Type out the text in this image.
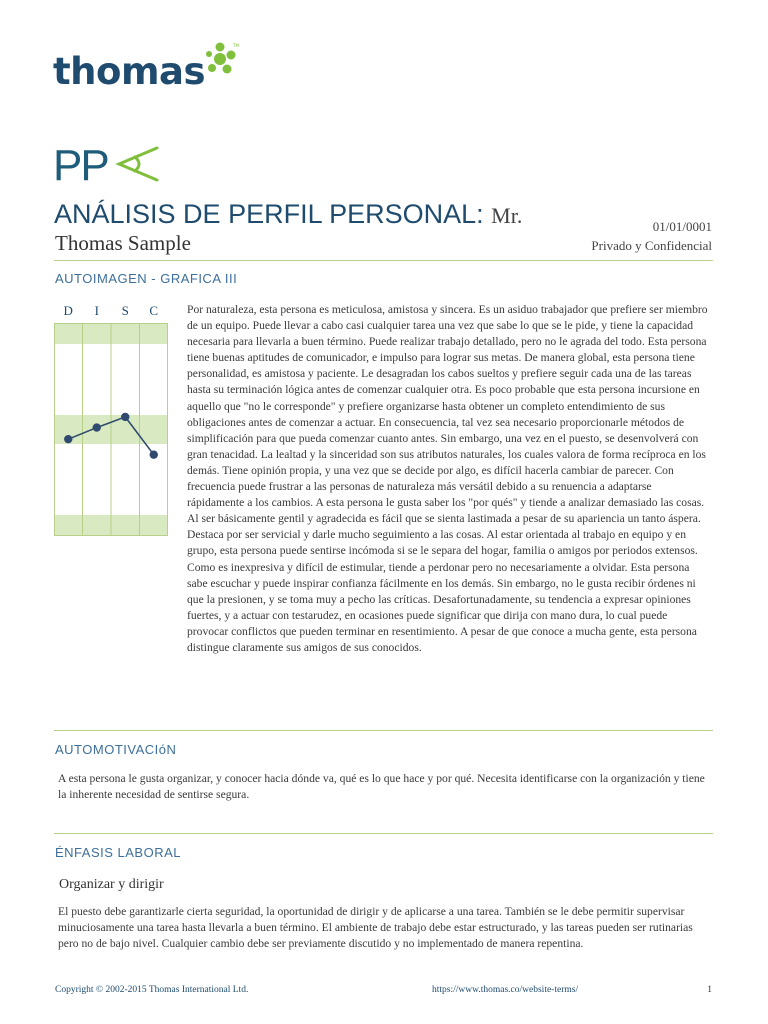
thomas
TM
PP	PPA
ANÁLISIS DE PERFIL PERSONAL: Mr.
Thomas Sample
01/01/0001
Privado y Confidencial
AUTOIMAGEN - GRAFICA III
D I S C Por naturaleza, esta persona es meticulosa, amistosa y sincera. Es un asiduo trabajador que prefiere ser miembro de un equipo. Puede llevar a cabo casi cualquier tarea una vez que sabe lo que se le pide, y tiene la capacidad necesaria para llevarla a buen término. Puede realizar trabajo detallado, pero no le agrada del todo. Esta persona tiene buenas aptitudes de comunicador, e impulso para lograr sus metas. De manera global, esta persona tiene personalidad, es amistosa y paciente. Le desagradan los cabos sueltos y prefiere seguir cada una de las tareas hasta su terminación lógica antes de comenzar cualquier otra. Es poco probable que esta persona incursione en aquello que "no le corresponde" y prefiere organizarse hasta obtener un completo entendimiento de sus obligaciones antes de comenzar a actuar. En consecuencia, tal vez sea necesario proporcionarle métodos de simplificación para que pueda comenzar cuanto antes. Sin embargo, una vez en el puesto, se desenvolverá con gran tenacidad. La lealtad y la sinceridad son sus atributos naturales, los cuales valora de forma recíproca en los demás. Tiene opinión propia, y una vez que se decide por algo, es difícil hacerla cambiar de parecer. Con frecuencia puede frustrar a las personas de naturaleza más versátil debido a su renuencia a adaptarse rápidamente a los cambios. A esta persona le gusta saber los "por qués" y tiende a analizar demasiado las cosas. Al ser básicamente gentil y agradecida es fácil que se sienta lastimada a pesar de su apariencia un tanto áspera. Destaca por ser servicial y darle mucho seguimiento a las cosas. Al estar orientada al trabajo en equipo y en grupo, esta persona puede sentirse incómoda si se le separa del hogar, familia o amigos por periodos extensos. Como es inexpresiva y difícil de estimular, tiende a perdonar pero no necesariamente a olvidar. Esta persona sabe escuchar y puede inspirar confianza fácilmente en los demás. Sin embargo, no le gusta recibir órdenes ni que la presionen, y se toma muy a pecho las críticas. Desafortunadamente, su tendencia a expresar opiniones fuertes, y a actuar con testarudez, en ocasiones puede significar que dirija con mano dura, lo cual puede provocar conflictos que pueden terminar en resentimiento. A pesar de que conoce a mucha gente, esta persona distingue claramente sus amigos de sus conocidos.
AUTOMOTIVACIóN
A esta persona le gusta organizar, y conocer hacia dónde va, qué es lo que hace y por qué. Necesita identificarse con la organización y tiene la inherente necesidad de sentirse segura.
ÉNFASIS LABORAL
Organizar y dirigir
El puesto debe garantizarle cierta seguridad, la oportunidad de dirigir y de aplicarse a una tarea. También se le debe permitir supervisar minuciosamente una tarea hasta llevarla a buen término. El ambiente de trabajo debe estar estructurado, y las tareas pueden ser rutinarias pero no de bajo nivel. Cualquier cambio debe ser previamente discutido y no implementado de manera repentina.
Copyright © 2002-2015 Thomas International Ltd.	https://www.thomas.co/website-terms/	1
